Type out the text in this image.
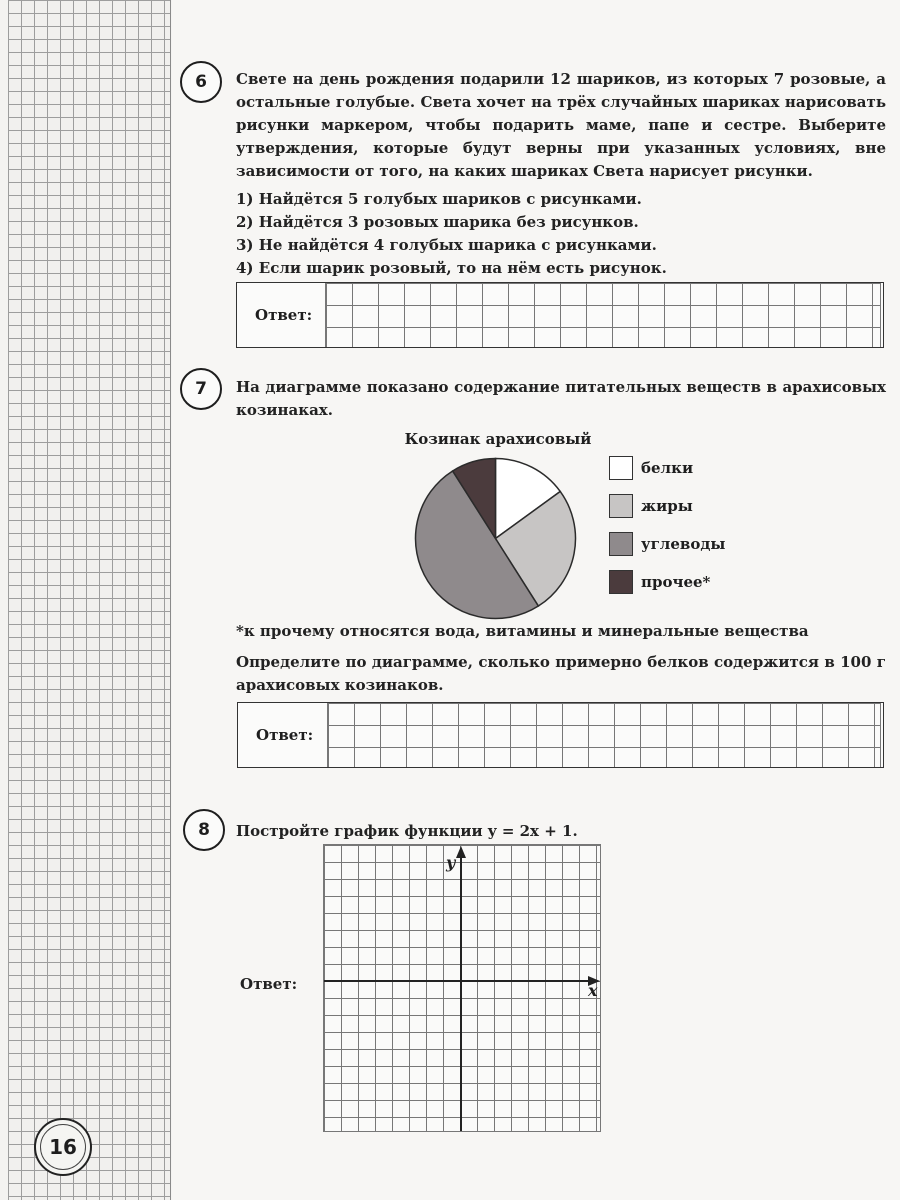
6	Свете на день рождения подарили 12 шариков, из которых 7 розовые, а остальные голубые. Света хочет на трёх случайных шариках нарисовать рисунки маркером, чтобы подарить маме, папе и сестре. Выберите утверждения, которые будут верны при указанных условиях, вне зависимости от того, на каких шариках Света нарисует рисунки.
1) Найдётся 5 голубых шариков с рисунками.
2) Найдётся 3 розовых шарика без рисунков.
3) Не найдётся 4 голубых шарика с рисунками.
4) Если шарик розовый, то на нём есть рисунок.
Ответ:
7	На диаграмме показано содержание питательных веществ в арахисовых козинаках.
Козинак арахисовый
белки
жиры
углеводы
прочее*
*к прочему относятся вода, витамины и минеральные вещества
Определите по диаграмме, сколько примерно белков содержится в 100 г арахисовых козинаков.
Ответ:
8	Постройте график функции y = 2x + 1.
y
x
Ответ:
16
